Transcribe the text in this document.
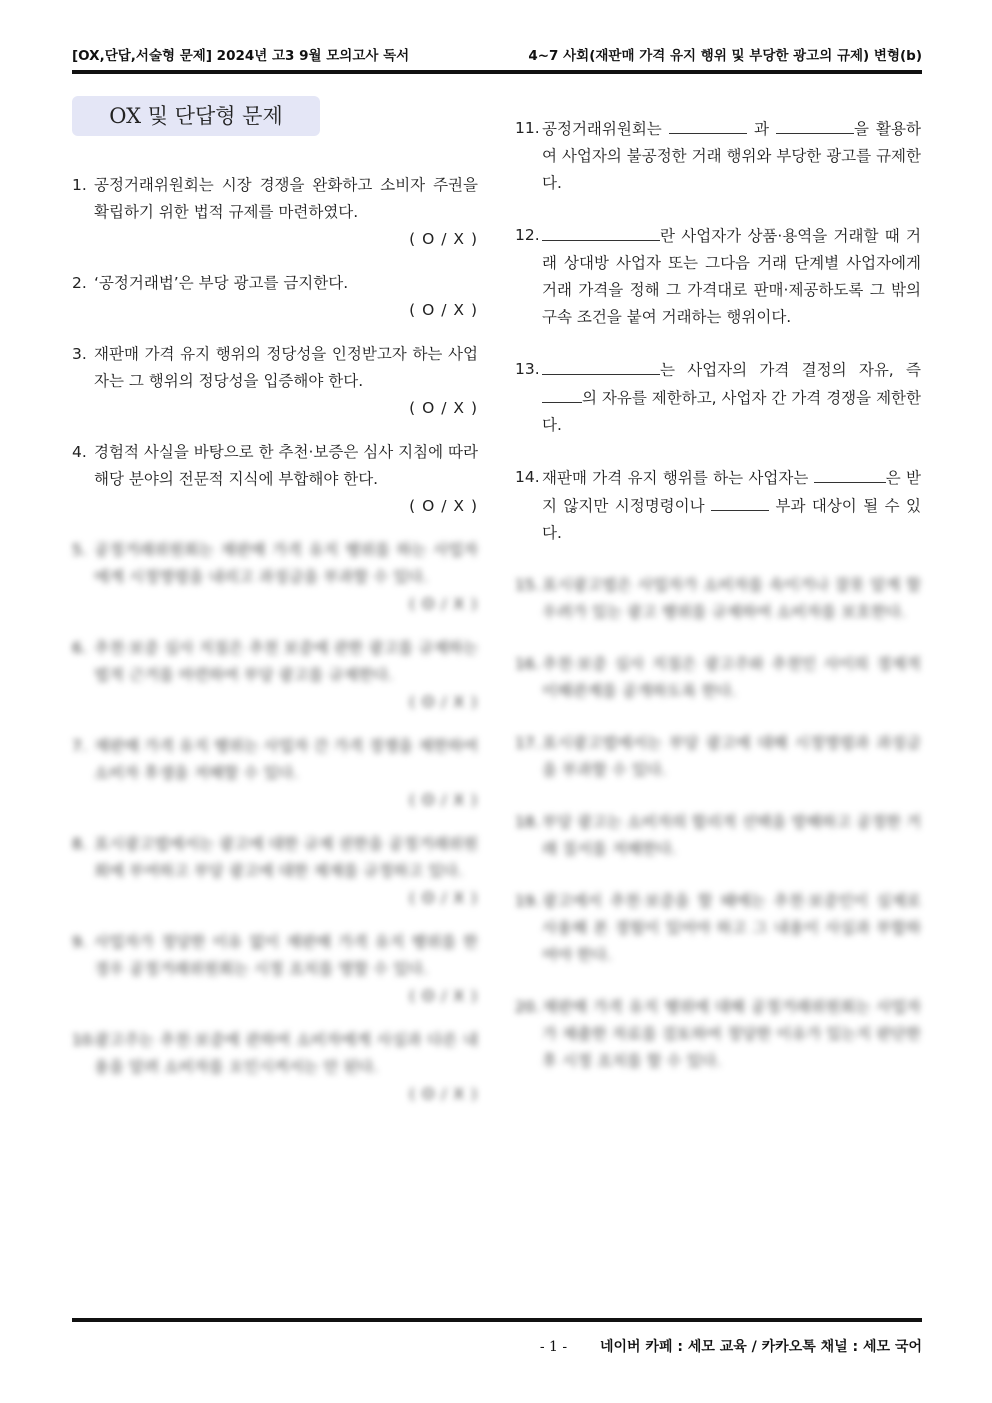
[OX,단답,서술형 문제] 2024년 고3 9월 모의고사 독서	4~7 사회(재판매 가격 유지 행위 및 부당한 광고의 규제) 변형(b)
OX 및 단답형 문제
1. 공정거래위원회는 시장 경쟁을 완화하고 소비자 주권을 확립하기 위한 법적 규제를 마련하였다.
( O / X )
2. ‘공정거래법’은 부당 광고를 금지한다.
( O / X )
3. 재판매 가격 유지 행위의 정당성을 인정받고자 하는 사업자는 그 행위의 정당성을 입증해야 한다.
( O / X )
4. 경험적 사실을 바탕으로 한 추천·보증은 심사 지침에 따라 해당 분야의 전문적 지식에 부합해야 한다.
( O / X )
5. 공정거래위원회는 재판매 가격 유지 행위를 하는 사업자에게 시정명령을 내리고 과징금을 부과할 수 있다.
( O / X )
6. 추천·보증 심사 지침은 추천 보증에 관한 광고를 규제하는 법적 근거를 마련하여 부당 광고를 규제한다.
( O / X )
7. 재판매 가격 유지 행위는 사업자 간 가격 경쟁을 제한하여 소비자 후생을 저해할 수 있다.
( O / X )
8. 표시광고법에서는 광고에 대한 규제 권한을 공정거래위원회에 부여하고 부당 광고에 대한 제재를 규정하고 있다.
( O / X )
9. 사업자가 정당한 이유 없이 재판매 가격 유지 행위를 한 경우 공정거래위원회는 시정 조치를 명할 수 있다.
( O / X )
10.
광고주는 추천·보증에 관하여 소비자에게 사실과 다른 내용을 알려 소비자를 오인시켜서는 안 된다.
( O / X )
11. 공정거래위원회는	과	을 활용하여 사업자의 불공정한 거래 행위와 부당한 광고를 규제한다.
12.	란 사업자가 상품·용역을 거래할 때 거래 상대방 사업자 또는 그다음 거래 단계별 사업자에게 거래 가격을 정해 그 가격대로 판매·제공하도록 그 밖의 구속 조건을 붙여 거래하는 행위이다.
13.	는 사업자의 가격 결정의 자유, 즉 의 자유를 제한하고, 사업자 간 가격 경쟁을 제한한다.
14. 재판매 가격 유지 행위를 하는 사업자는	은 받지 않지만 시정명령이나	부과 대상이 될 수 있다.
15. 표시광고법은 사업자가 소비자를 속이거나 잘못 알게 할 우려가 있는 광고 행위를 규제하여 소비자를 보호한다.
16. 추천·보증 심사 지침은 광고주와 추천인 사이의 경제적 이해관계를 공개하도록 한다.
17. 표시광고법에서는 부당 광고에 대해 시정명령과 과징금을 부과할 수 있다.
18. 부당 광고는 소비자의 합리적 선택을 방해하고 공정한 거래 질서를 저해한다.
19. 광고에서 추천·보증을 할 때에는 추천·보증인이 실제로 사용해 본 경험이 있어야 하고 그 내용이 사실과 부합하여야 한다.
20. 재판매 가격 유지 행위에 대해 공정거래위원회는 사업자가 제출한 자료를 검토하여 정당한 이유가 있는지 판단한 후 시정 조치를 할 수 있다.
- 1 - 네이버 카페 : 세모 교육 / 카카오톡 채널 : 세모 국어
